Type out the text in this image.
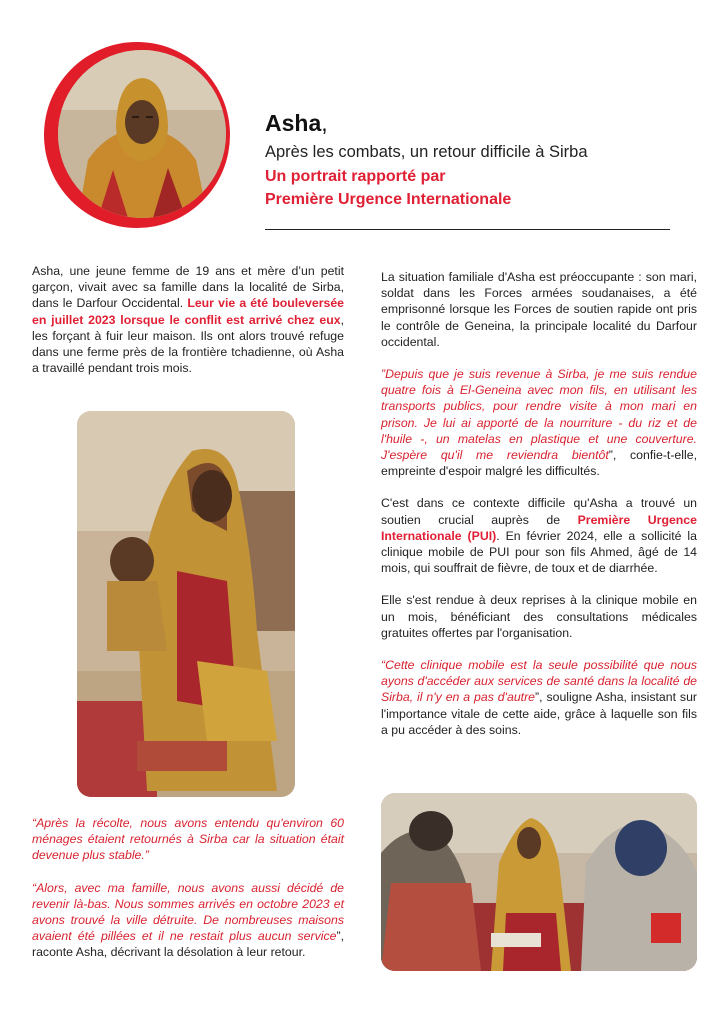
Asha,
Après les combats, un retour difficile à Sirba
Un portrait rapporté par
Première Urgence Internationale

Asha, une jeune femme de 19 ans et mère d’un petit garçon, vivait avec sa famille dans la localité de Sirba, dans le Darfour Occidental. Leur vie a été bouleversée en juillet 2023 lorsque le conflit est arrivé chez eux, les forçant à fuir leur maison. Ils ont alors trouvé refuge dans une ferme près de la frontière tchadienne, où Asha a travaillé pendant trois mois.

“Après la récolte, nous avons entendu qu'environ 60 ménages étaient retournés à Sirba car la situation était devenue plus stable.”

“Alors, avec ma famille, nous avons aussi décidé de revenir là-bas. Nous sommes arrivés en octobre 2023 et avons trouvé la ville détruite. De nombreuses maisons avaient été pillées et il ne restait plus aucun service”, raconte Asha, décrivant la désolation à leur retour.

La situation familiale d'Asha est préoccupante : son mari, soldat dans les Forces armées soudanaises, a été emprisonné lorsque les Forces de soutien rapide ont pris le contrôle de Geneina, la principale localité du Darfour occidental.

”Depuis que je suis revenue à Sirba, je me suis rendue quatre fois à El-Geneina avec mon fils, en utilisant les transports publics, pour rendre visite à mon mari en prison. Je lui ai apporté de la nourriture - du riz et de l'huile -, un matelas en plastique et une couverture. J'espère qu'il me reviendra bientôt”, confie-t-elle, empreinte d'espoir malgré les difficultés.

C'est dans ce contexte difficile qu'Asha a trouvé un soutien crucial auprès de Première Urgence Internationale (PUI). En février 2024, elle a sollicité la clinique mobile de PUI pour son fils Ahmed, âgé de 14 mois, qui souffrait de fièvre, de toux et de diarrhée.

Elle s'est rendue à deux reprises à la clinique mobile en un mois, bénéficiant des consultations médicales gratuites offertes par l'organisation.

“Cette clinique mobile est la seule possibilité que nous ayons d'accéder aux services de santé dans la localité de Sirba, il n'y en a pas d'autre”, souligne Asha, insistant sur l'importance vitale de cette aide, grâce à laquelle son fils a pu accéder à des soins.
